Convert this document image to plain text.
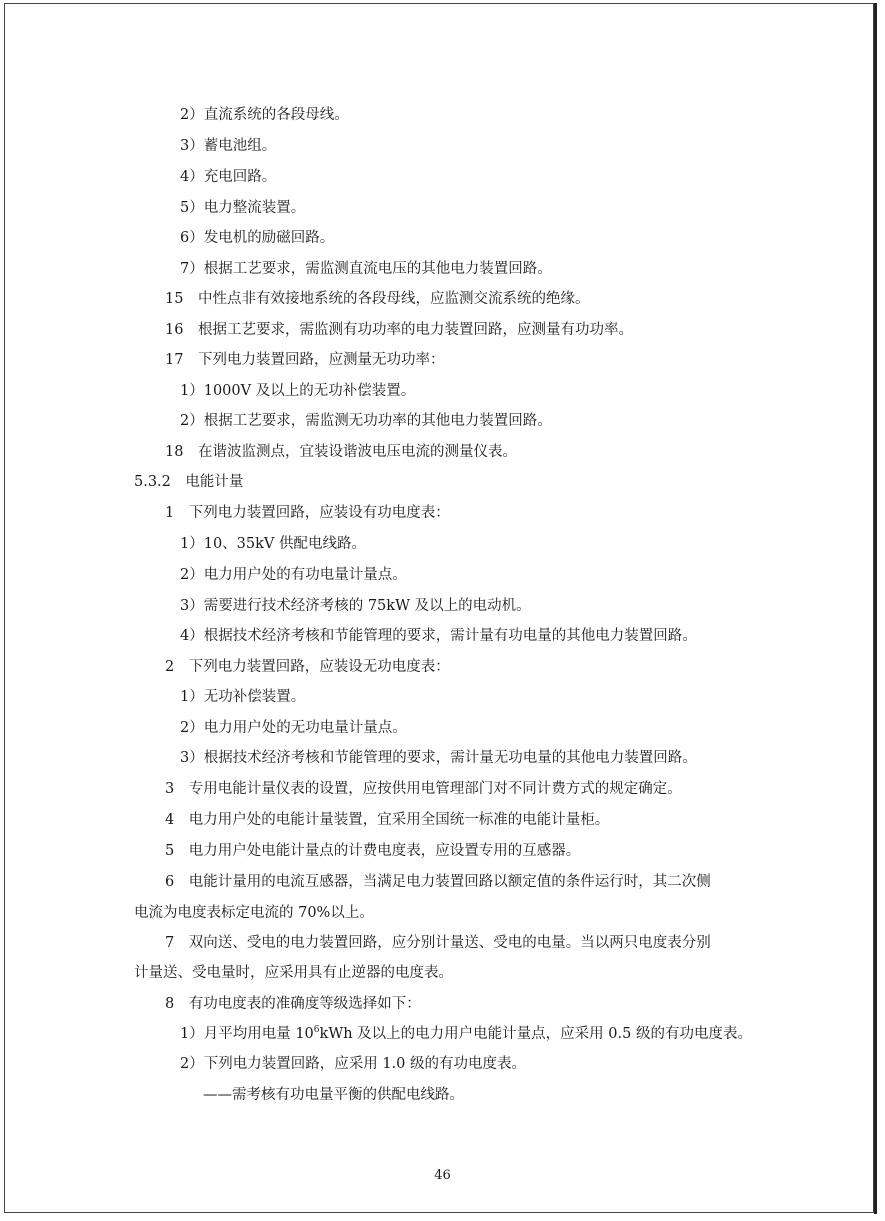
2）直流系统的各段母线。
3）蓄电池组。
4）充电回路。
5）电力整流装置。
6）发电机的励磁回路。
7）根据工艺要求，需监测直流电压的其他电力装置回路。
15　中性点非有效接地系统的各段母线，应监测交流系统的绝缘。
16　根据工艺要求，需监测有功功率的电力装置回路，应测量有功功率。
17　下列电力装置回路，应测量无功功率：
1）1000V 及以上的无功补偿装置。
2）根据工艺要求，需监测无功功率的其他电力装置回路。
18　在谐波监测点，宜装设谐波电压电流的测量仪表。
5.3.2　电能计量
1　下列电力装置回路，应装设有功电度表：
1）10、35kV 供配电线路。
2）电力用户处的有功电量计量点。
3）需要进行技术经济考核的 75kW 及以上的电动机。
4）根据技术经济考核和节能管理的要求，需计量有功电量的其他电力装置回路。
2　下列电力装置回路，应装设无功电度表：
1）无功补偿装置。
2）电力用户处的无功电量计量点。
3）根据技术经济考核和节能管理的要求，需计量无功电量的其他电力装置回路。
3　专用电能计量仪表的设置，应按供用电管理部门对不同计费方式的规定确定。
4　电力用户处的电能计量装置，宜采用全国统一标准的电能计量柜。
5　电力用户处电能计量点的计费电度表，应设置专用的互感器。
6　电能计量用的电流互感器，当满足电力装置回路以额定值的条件运行时，其二次侧
电流为电度表标定电流的 70%以上。
7　双向送、受电的电力装置回路，应分别计量送、受电的电量。当以两只电度表分别
计量送、受电量时，应采用具有止逆器的电度表。
8　有功电度表的准确度等级选择如下：
1）月平均用电量 $10^6kWh$ 及以上的电力用户电能计量点，应采用 0.5 级的有功电度表。
2）下列电力装置回路，应采用 1.0 级的有功电度表。
——需考核有功电量平衡的供配电线路。
46
